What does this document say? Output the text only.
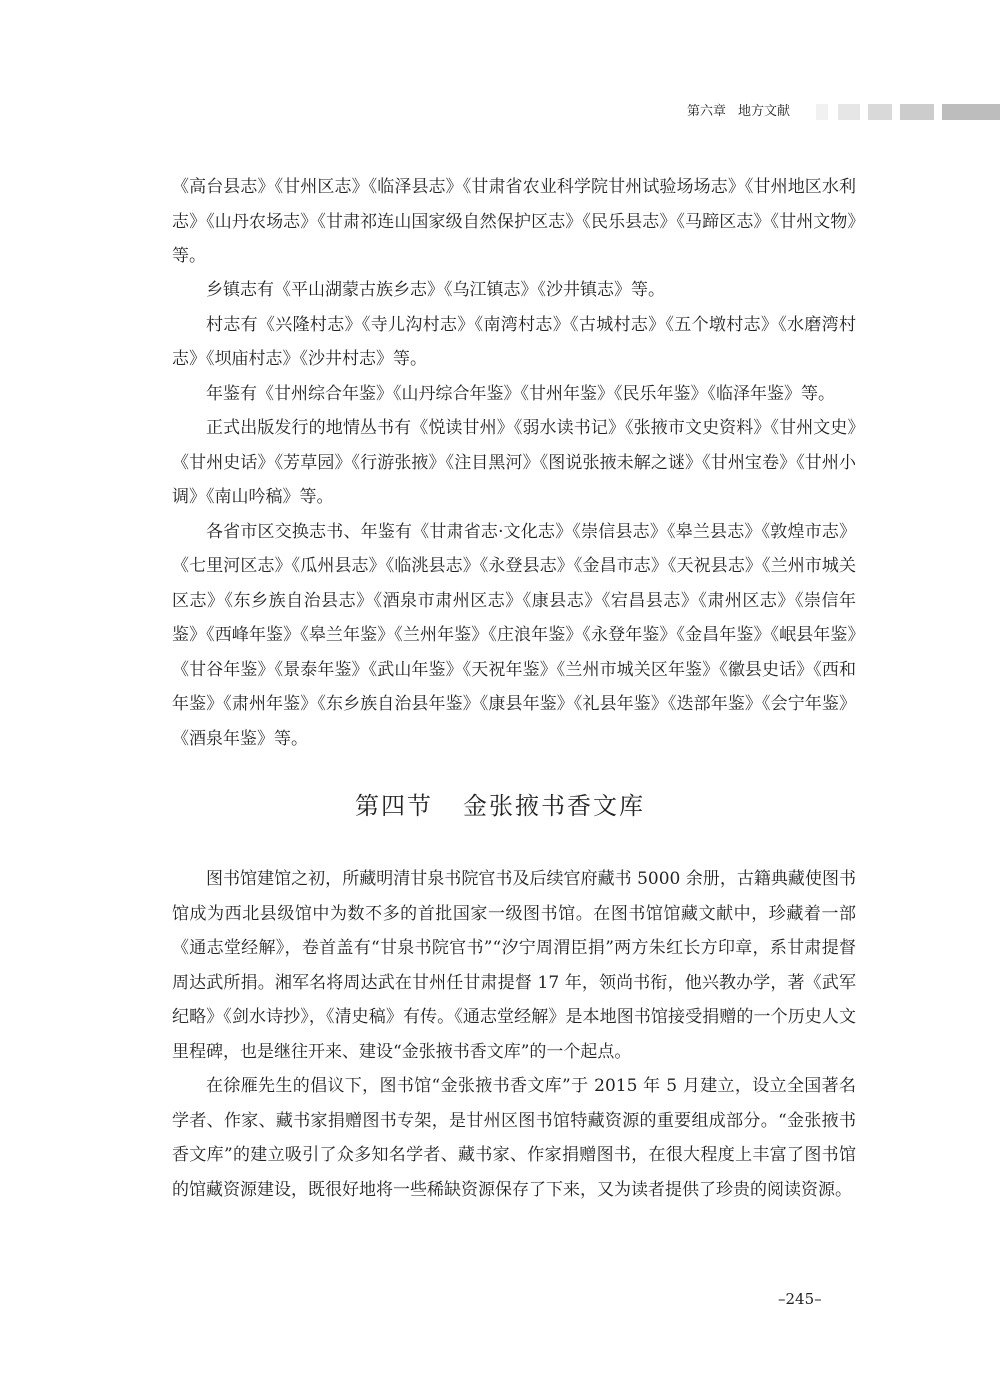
第六章 地方文献

《高台县志》《甘州区志》《临泽县志》《甘肃省农业科学院甘州试验场场志》《甘州地区水利志》《山丹农场志》《甘肃祁连山国家级自然保护区志》《民乐县志》《马蹄区志》《甘州文物》等。

乡镇志有《平山湖蒙古族乡志》《乌江镇志》《沙井镇志》等。

村志有《兴隆村志》《寺儿沟村志》《南湾村志》《古城村志》《五个墩村志》《水磨湾村志》《坝庙村志》《沙井村志》等。

年鉴有《甘州综合年鉴》《山丹综合年鉴》《甘州年鉴》《民乐年鉴》《临泽年鉴》等。

正式出版发行的地情丛书有《悦读甘州》《弱水读书记》《张掖市文史资料》《甘州文史》《甘州史话》《芳草园》《行游张掖》《注目黑河》《图说张掖未解之谜》《甘州宝卷》《甘州小调》《南山吟稿》等。

各省市区交换志书、年鉴有《甘肃省志·文化志》《崇信县志》《皋兰县志》《敦煌市志》《七里河区志》《瓜州县志》《临洮县志》《永登县志》《金昌市志》《天祝县志》《兰州市城关区志》《东乡族自治县志》《酒泉市肃州区志》《康县志》《宕昌县志》《肃州区志》《崇信年鉴》《西峰年鉴》《皋兰年鉴》《兰州年鉴》《庄浪年鉴》《永登年鉴》《金昌年鉴》《岷县年鉴》《甘谷年鉴》《景泰年鉴》《武山年鉴》《天祝年鉴》《兰州市城关区年鉴》《徽县史话》《西和年鉴》《肃州年鉴》《东乡族自治县年鉴》《康县年鉴》《礼县年鉴》《迭部年鉴》《会宁年鉴》《酒泉年鉴》等。

第四节 金张掖书香文库

图书馆建馆之初，所藏明清甘泉书院官书及后续官府藏书 5000 余册，古籍典藏使图书馆成为西北县级馆中为数不多的首批国家一级图书馆。在图书馆馆藏文献中，珍藏着一部《通志堂经解》，卷首盖有“甘泉书院官书”“汐宁周渭臣捐”两方朱红长方印章，系甘肃提督周达武所捐。湘军名将周达武在甘州任甘肃提督 17 年，领尚书衔，他兴教办学，著《武军纪略》《剑水诗抄》，《清史稿》有传。《通志堂经解》是本地图书馆接受捐赠的一个历史人文里程碑，也是继往开来、建设“金张掖书香文库”的一个起点。

在徐雁先生的倡议下，图书馆“金张掖书香文库”于 2015 年 5 月建立，设立全国著名学者、作家、藏书家捐赠图书专架，是甘州区图书馆特藏资源的重要组成部分。“金张掖书香文库”的建立吸引了众多知名学者、藏书家、作家捐赠图书，在很大程度上丰富了图书馆的馆藏资源建设，既很好地将一些稀缺资源保存了下来，又为读者提供了珍贵的阅读资源。

–245–
